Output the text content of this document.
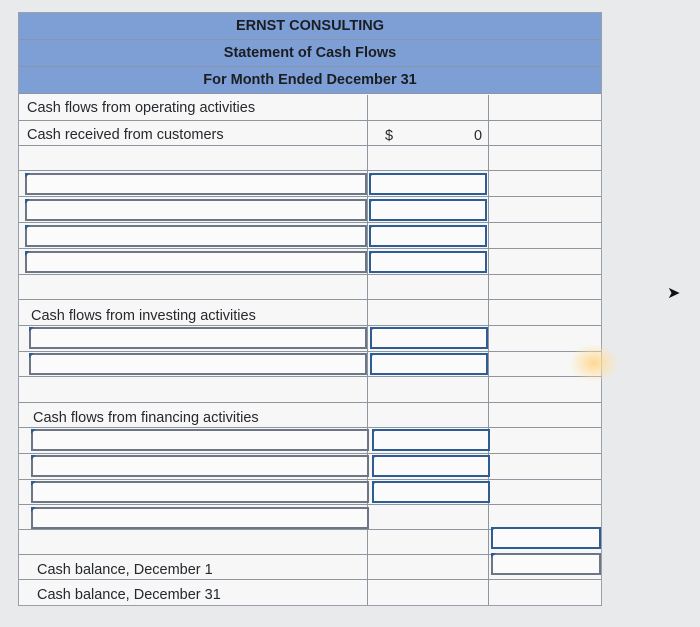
ERNST CONSULTING
Statement of Cash Flows
For Month Ended December 31
Cash flows from operating activities
Cash received from customers	$	0
Cash flows from investing activities
Cash flows from financing activities
Cash balance, December 1
Cash balance, December 31
➤
